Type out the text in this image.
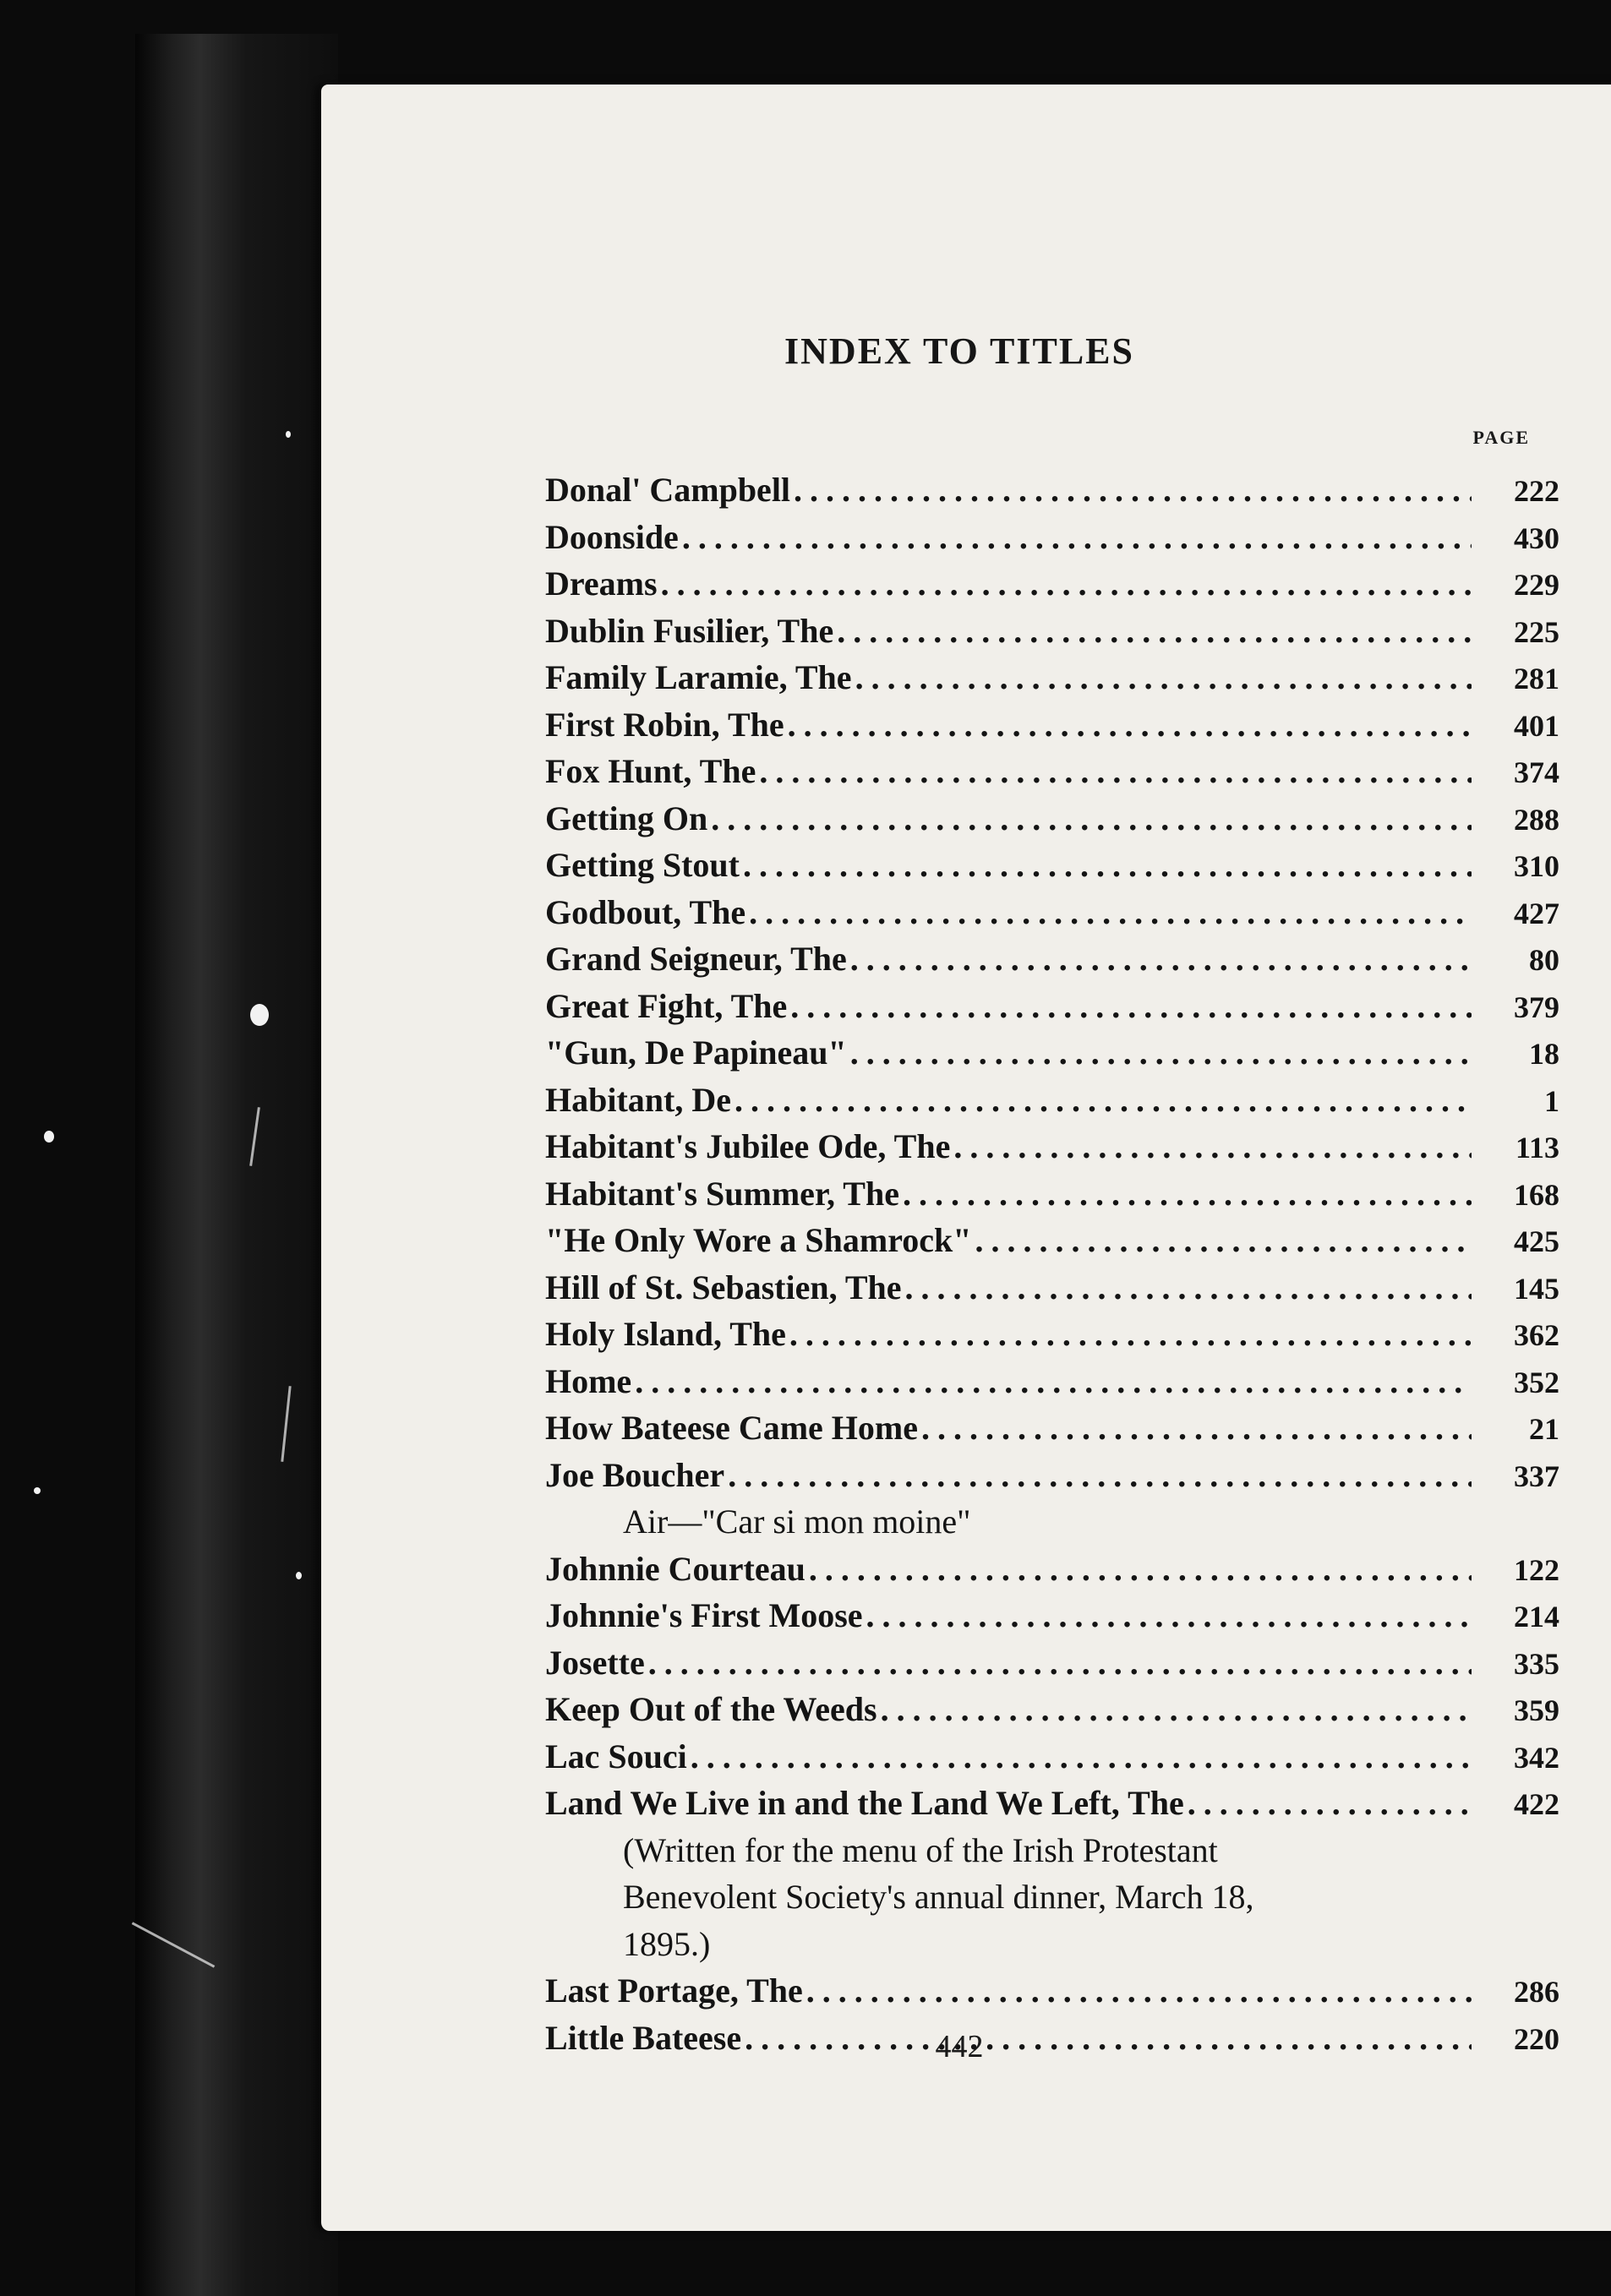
INDEX TO TITLES
PAGE
Donal' Campbell .....	222
Doonside .....	430
Dreams .....	229
Dublin Fusilier, The .....	225
Family Laramie, The .....	281
First Robin, The .....	401
Fox Hunt, The .....	374
Getting On .....	288
Getting Stout .....	310
Godbout, The .....	427
Grand Seigneur, The .....	80
Great Fight, The .....	379
"Gun, De Papineau" .....	18
Habitant, De .....	1
Habitant's Jubilee Ode, The .....	113
Habitant's Summer, The .....	168
"He Only Wore a Shamrock" .....	425
Hill of St. Sebastien, The .....	145
Holy Island, The .....	362
Home .....	352
How Bateese Came Home .....	21
Joe Boucher .....	337
Air—"Car si mon moine"
Johnnie Courteau .....	122
Johnnie's First Moose .....	214
Josette .....	335
Keep Out of the Weeds .....	359
Lac Souci .....	342
Land We Live in and the Land We Left, The .....	422
(Written for the menu of the Irish Protestant
Benevolent Society's annual dinner, March 18,
1895.)
Last Portage, The .....	286
Little Bateese .....	220
442
